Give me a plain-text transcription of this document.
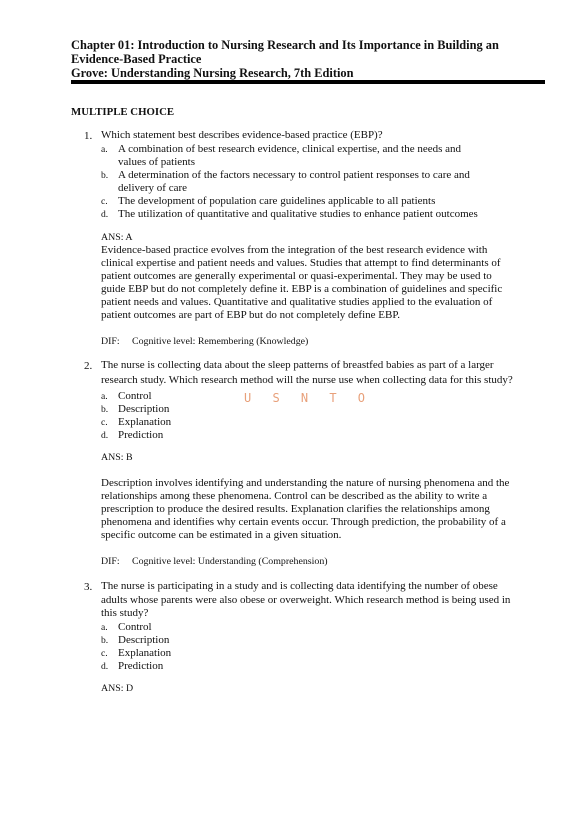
Chapter 01: Introduction to Nursing Research and Its Importance in Building an
Evidence-Based Practice
Grove: Understanding Nursing Research, 7th Edition
MULTIPLE CHOICE
1. Which statement best describes evidence-based practice (EBP)?
a. A combination of best research evidence, clinical expertise, and the needs and
values of patients
b. A determination of the factors necessary to control patient responses to care and
delivery of care
c. The development of population care guidelines applicable to all patients
d. The utilization of quantitative and qualitative studies to enhance patient outcomes
ANS: A
Evidence-based practice evolves from the integration of the best research evidence with
clinical expertise and patient needs and values. Studies that attempt to find determinants of
patient outcomes are generally experimental or quasi-experimental. They may be used to
guide EBP but do not completely define it. EBP is a combination of guidelines and specific
patient needs and values. Quantitative and qualitative studies applied to the evaluation of
patient outcomes are part of EBP but do not completely define EBP.
DIF: Cognitive level: Remembering (Knowledge)
2. The nurse is collecting data about the sleep patterns of breastfed babies as part of a larger
research study. Which research method will the nurse use when collecting data for this study?
U S N T O
a. Control
b. Description
c. Explanation
d. Prediction
ANS: B
Description involves identifying and understanding the nature of nursing phenomena and the
relationships among these phenomena. Control can be described as the ability to write a
prescription to produce the desired results. Explanation clarifies the relationships among
phenomena and identifies why certain events occur. Through prediction, the probability of a
specific outcome can be estimated in a given situation.
DIF: Cognitive level: Understanding (Comprehension)
3. The nurse is participating in a study and is collecting data identifying the number of obese
adults whose parents were also obese or overweight. Which research method is being used in
this study?
a. Control
b. Description
c. Explanation
d. Prediction
ANS: D
